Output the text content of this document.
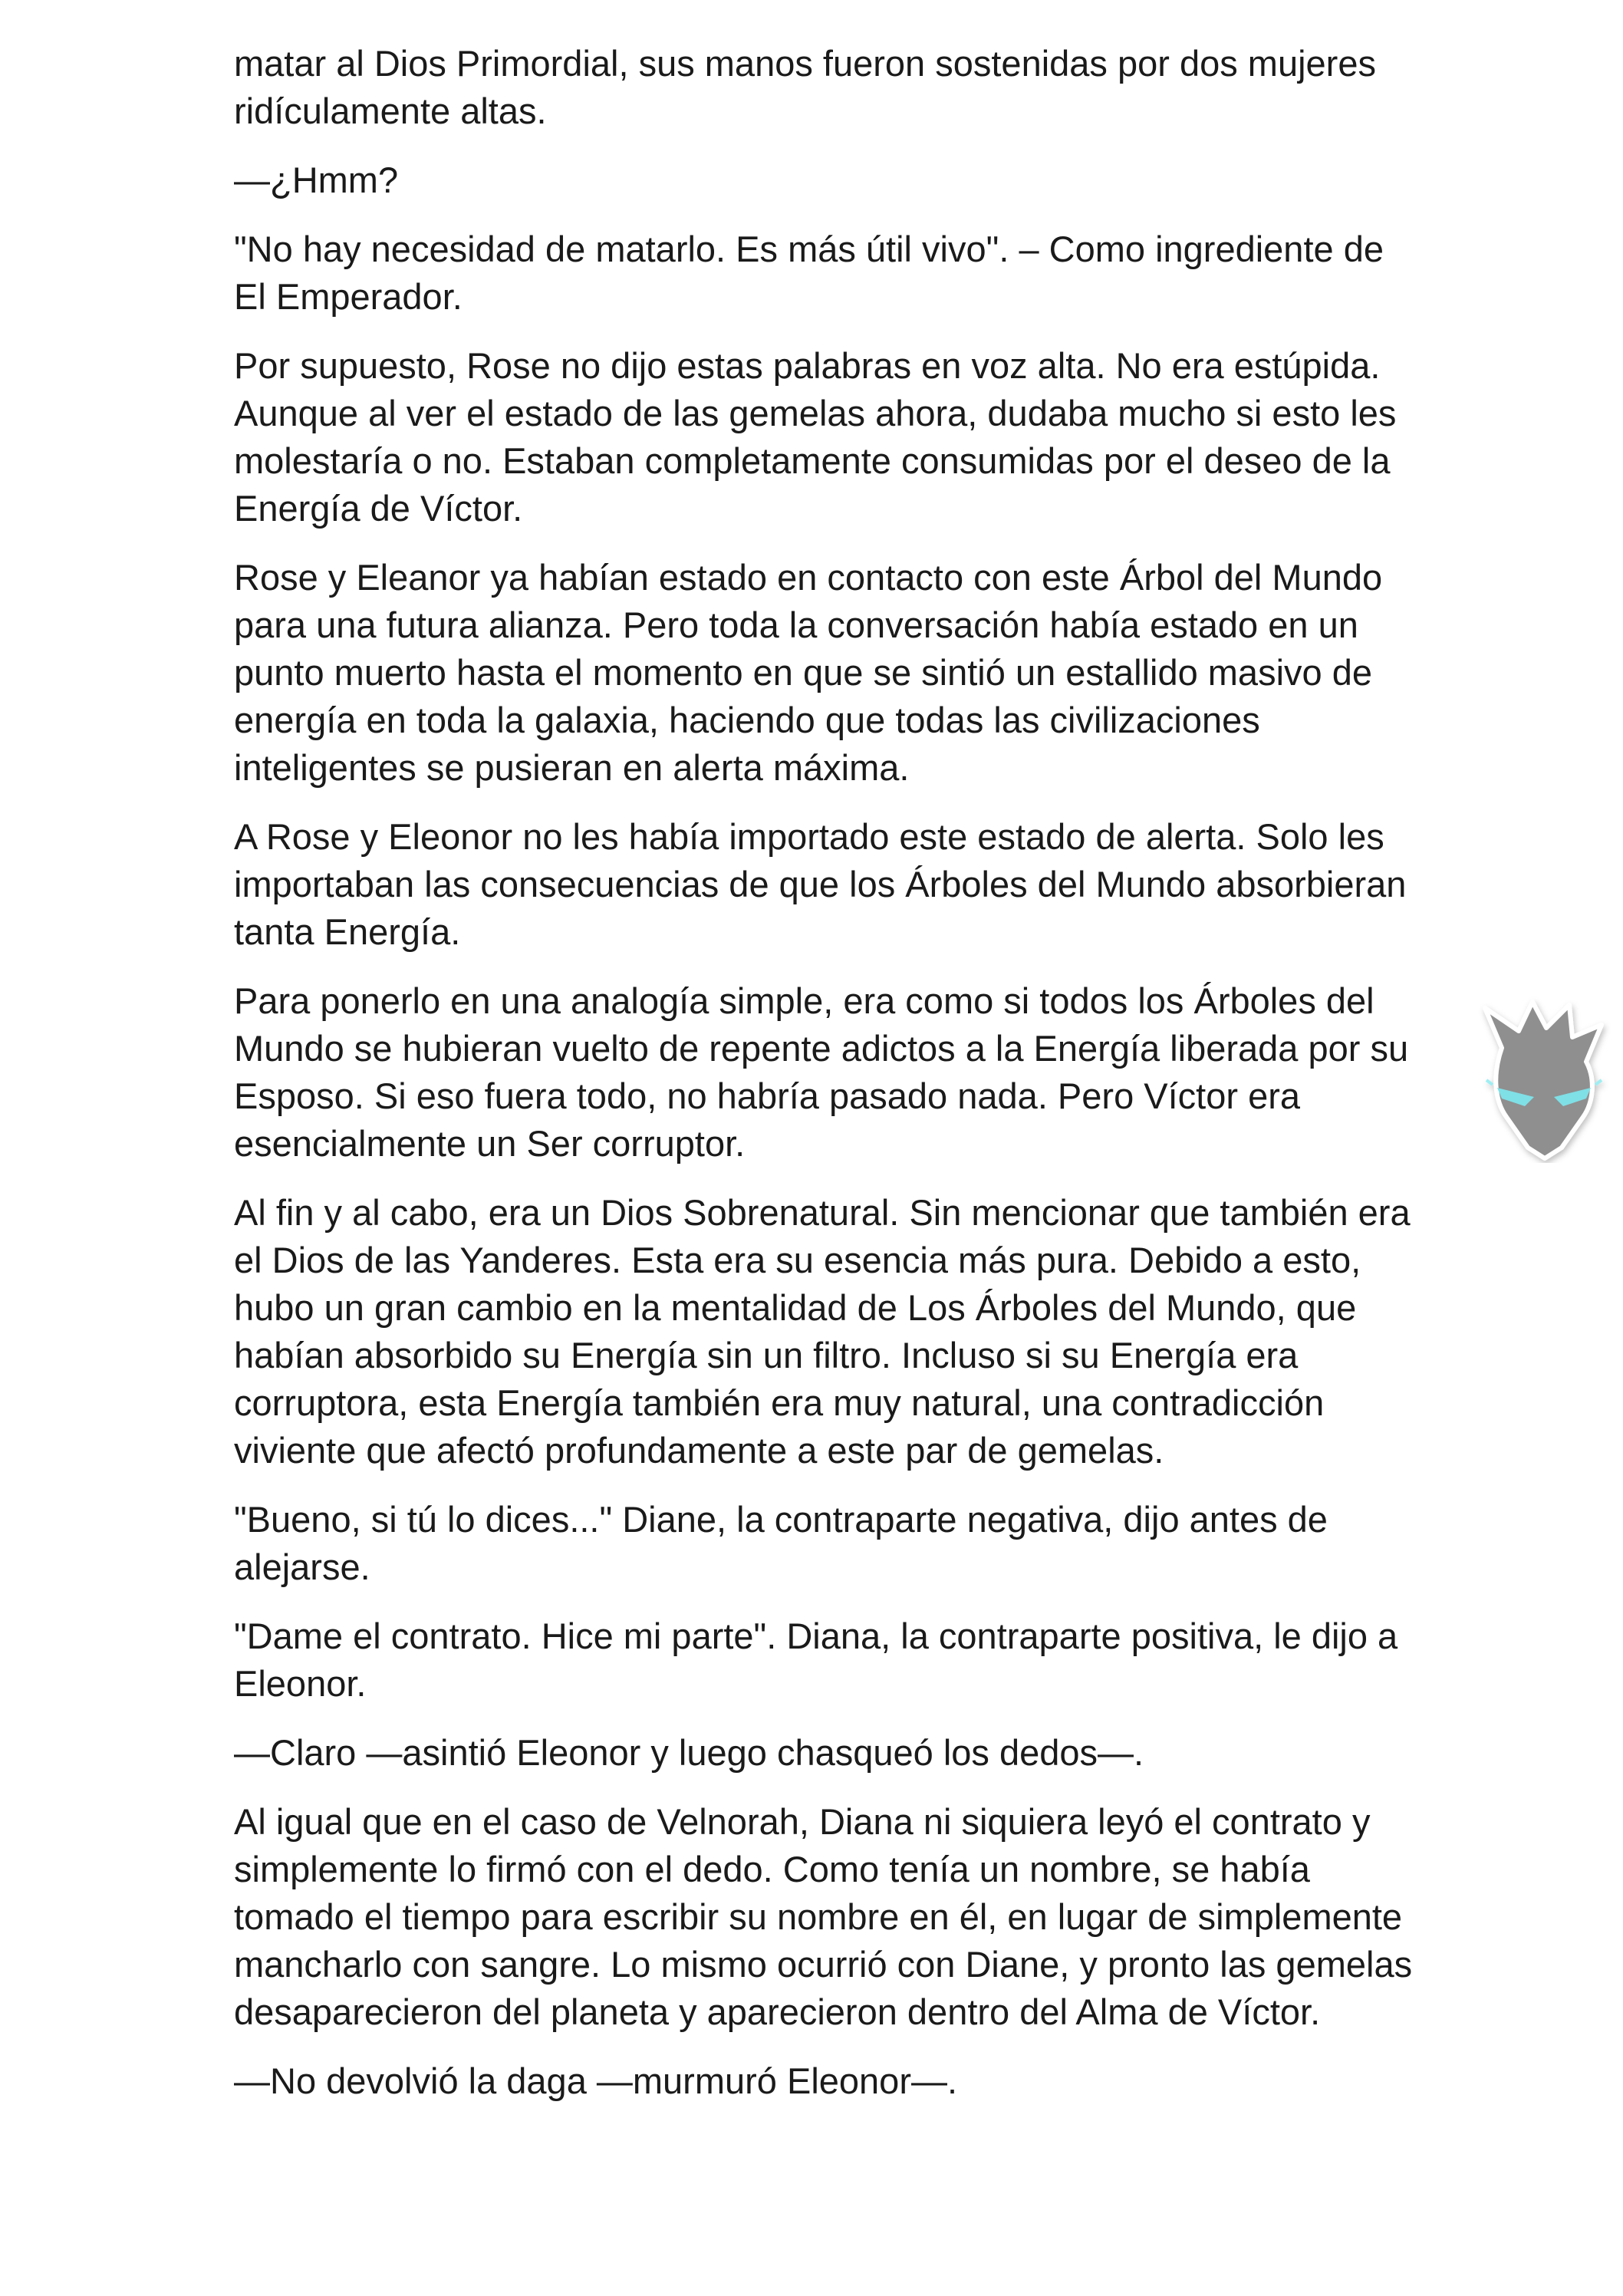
matar al Dios Primordial, sus manos fueron sostenidas por dos mujeres ridículamente altas.

—¿Hmm?

"No hay necesidad de matarlo. Es más útil vivo". – Como ingrediente de El Emperador.

Por supuesto, Rose no dijo estas palabras en voz alta. No era estúpida. Aunque al ver el estado de las gemelas ahora, dudaba mucho si esto les molestaría o no. Estaban completamente consumidas por el deseo de la Energía de Víctor.

Rose y Eleanor ya habían estado en contacto con este Árbol del Mundo para una futura alianza. Pero toda la conversación había estado en un punto muerto hasta el momento en que se sintió un estallido masivo de energía en toda la galaxia, haciendo que todas las civilizaciones inteligentes se pusieran en alerta máxima.

A Rose y Eleonor no les había importado este estado de alerta. Solo les importaban las consecuencias de que los Árboles del Mundo absorbieran tanta Energía.

Para ponerlo en una analogía simple, era como si todos los Árboles del Mundo se hubieran vuelto de repente adictos a la Energía liberada por su Esposo. Si eso fuera todo, no habría pasado nada. Pero Víctor era esencialmente un Ser corruptor.

Al fin y al cabo, era un Dios Sobrenatural. Sin mencionar que también era el Dios de las Yanderes. Esta era su esencia más pura. Debido a esto, hubo un gran cambio en la mentalidad de Los Árboles del Mundo, que habían absorbido su Energía sin un filtro. Incluso si su Energía era corruptora, esta Energía también era muy natural, una contradicción viviente que afectó profundamente a este par de gemelas.

"Bueno, si tú lo dices..." Diane, la contraparte negativa, dijo antes de alejarse.

"Dame el contrato. Hice mi parte". Diana, la contraparte positiva, le dijo a Eleonor.

—Claro —asintió Eleonor y luego chasqueó los dedos—.

Al igual que en el caso de Velnorah, Diana ni siquiera leyó el contrato y simplemente lo firmó con el dedo. Como tenía un nombre, se había tomado el tiempo para escribir su nombre en él, en lugar de simplemente mancharlo con sangre. Lo mismo ocurrió con Diane, y pronto las gemelas desaparecieron del planeta y aparecieron dentro del Alma de Víctor.

—No devolvió la daga —murmuró Eleonor—.
